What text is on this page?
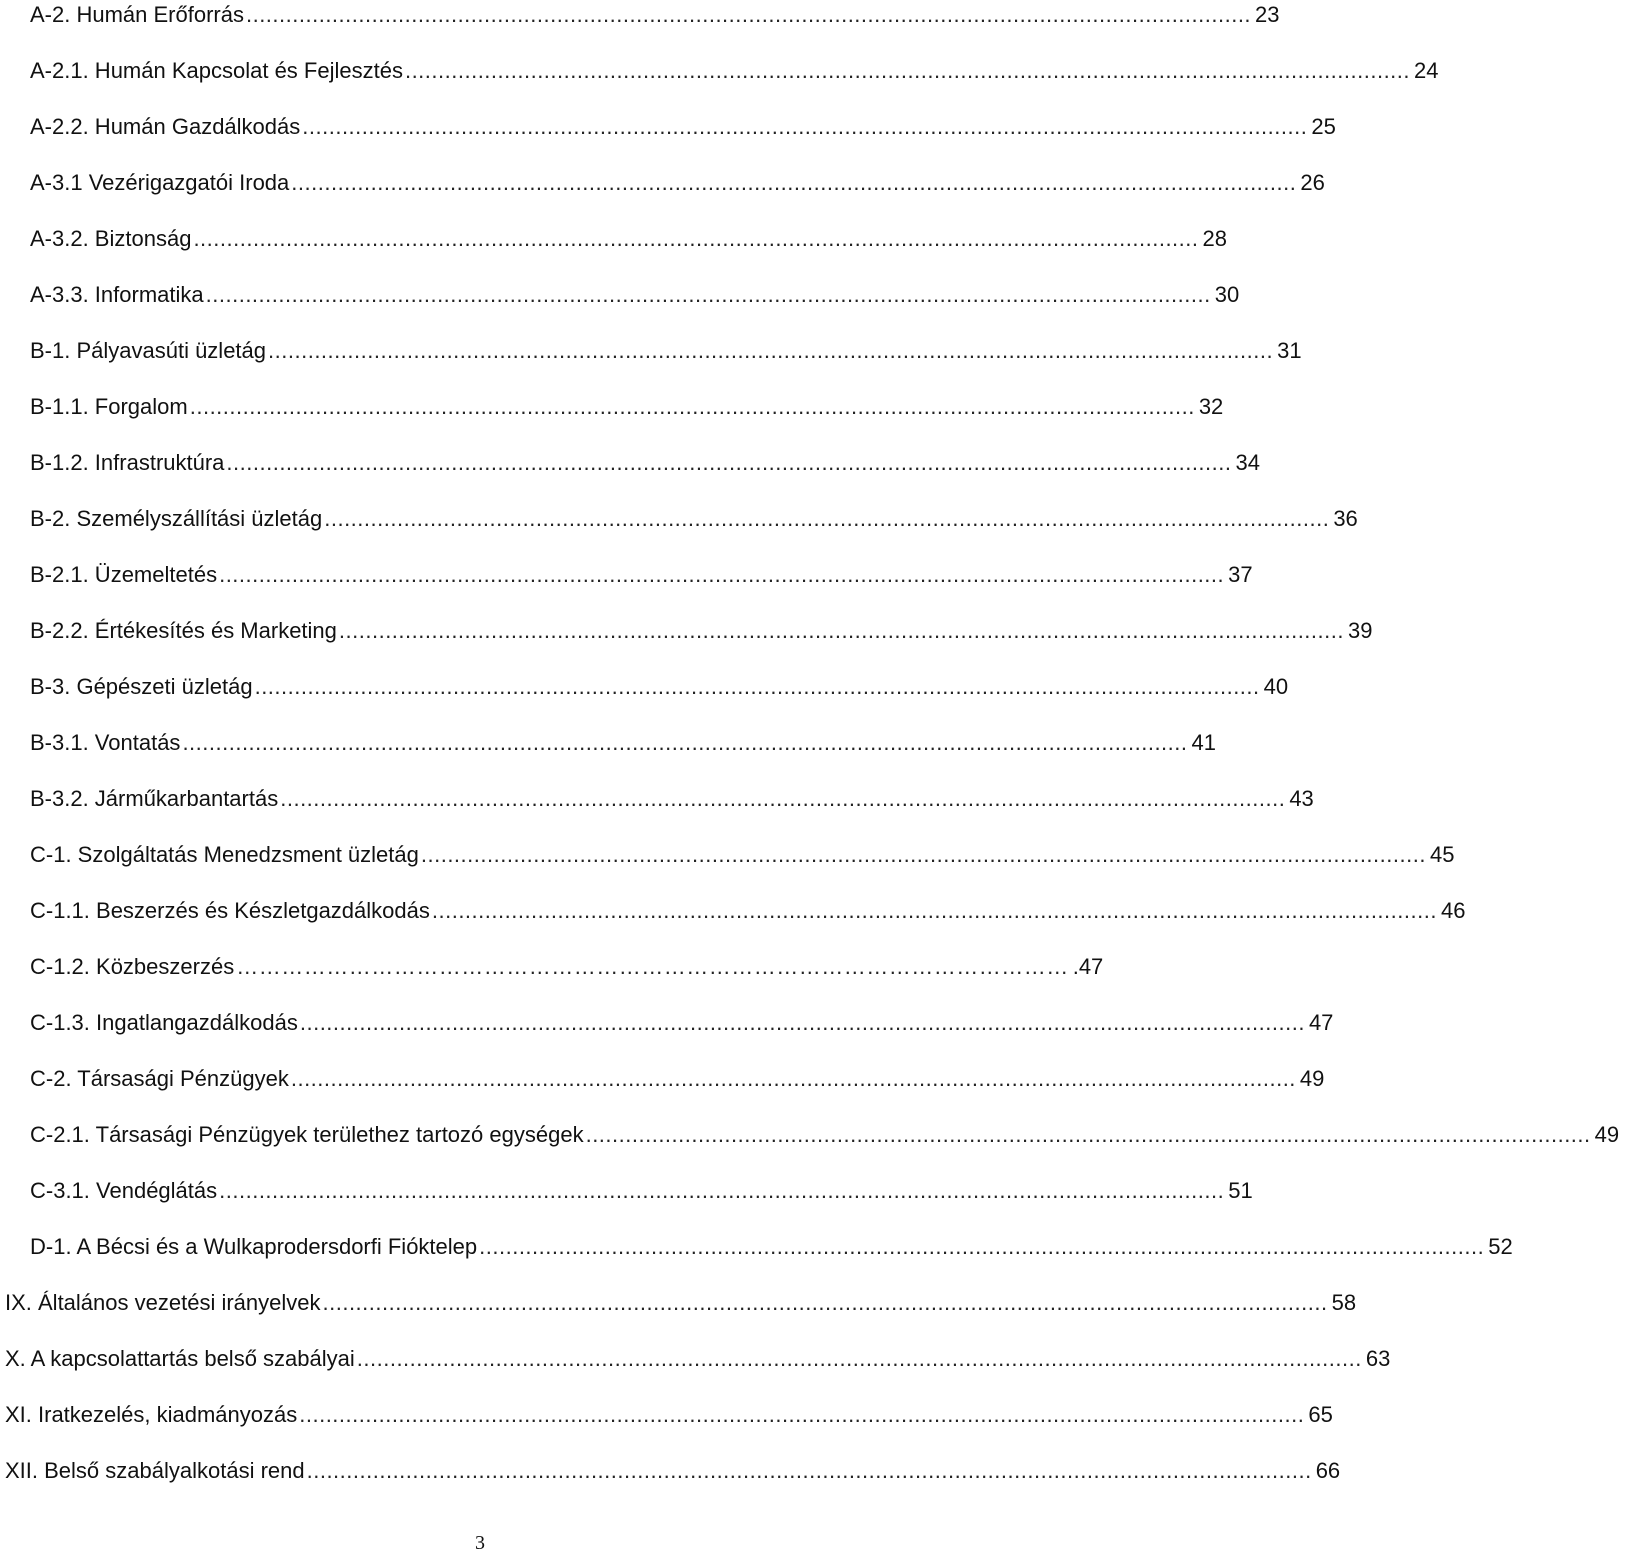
A-2. Humán Erőforrás ........................................................................................................................................................ 23
A-2.1. Humán Kapcsolat és Fejlesztés ........................................................................................................................................................ 24
A-2.2. Humán Gazdálkodás ........................................................................................................................................................ 25
A-3.1 Vezérigazgatói Iroda ........................................................................................................................................................ 26
A-3.2. Biztonság ........................................................................................................................................................ 28
A-3.3. Informatika ........................................................................................................................................................ 30
B-1. Pályavasúti üzletág ........................................................................................................................................................ 31
B-1.1. Forgalom ........................................................................................................................................................ 32
B-1.2. Infrastruktúra ........................................................................................................................................................ 34
B-2. Személyszállítási üzletág ........................................................................................................................................................ 36
B-2.1. Üzemeltetés ........................................................................................................................................................ 37
B-2.2. Értékesítés és Marketing ........................................................................................................................................................ 39
B-3. Gépészeti üzletág ........................................................................................................................................................ 40
B-3.1. Vontatás ........................................................................................................................................................ 41
B-3.2. Járműkarbantartás ........................................................................................................................................................ 43
C-1. Szolgáltatás Menedzsment üzletág ........................................................................................................................................................ 45
C-1.1. Beszerzés és Készletgazdálkodás ........................................................................................................................................................ 46
C-1.2. Közbeszerzés ………………………………………………………………………………………………… .47
C-1.3. Ingatlangazdálkodás ........................................................................................................................................................ 47
C-2. Társasági Pénzügyek ........................................................................................................................................................ 49
C-2.1. Társasági Pénzügyek területhez tartozó egységek ........................................................................................................................................................ 49
C-3.1. Vendéglátás ........................................................................................................................................................ 51
D-1. A Bécsi és a Wulkaprodersdorfi Fióktelep ........................................................................................................................................................ 52
IX. Általános vezetési irányelvek ........................................................................................................................................................ 58
X. A kapcsolattartás belső szabályai ........................................................................................................................................................ 63
XI. Iratkezelés, kiadmányozás ........................................................................................................................................................ 65
XII. Belső szabályalkotási rend ........................................................................................................................................................ 66
3
